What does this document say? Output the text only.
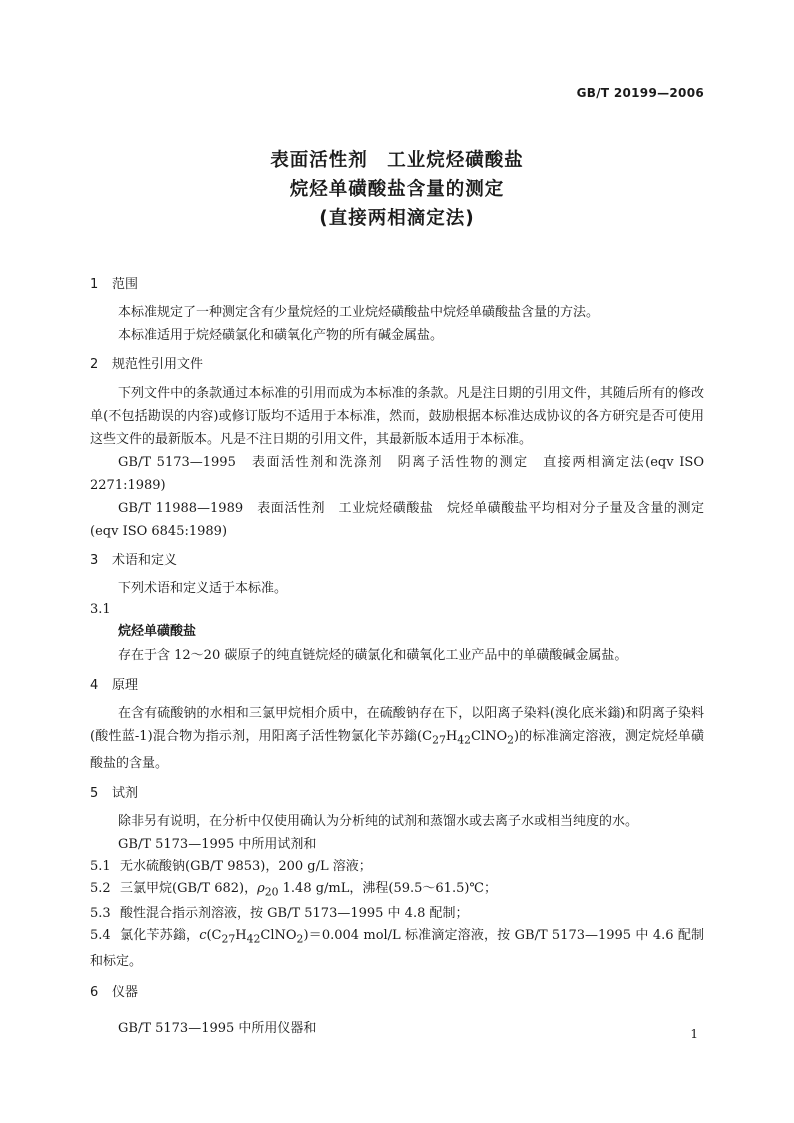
GB/T 20199—2006
表面活性剂　工业烷烃磺酸盐
烷烃单磺酸盐含量的测定
(直接两相滴定法)
1 范围

本标准规定了一种测定含有少量烷烃的工业烷烃磺酸盐中烷烃单磺酸盐含量的方法。

本标准适用于烷烃磺氯化和磺氧化产物的所有碱金属盐。

2 规范性引用文件

下列文件中的条款通过本标准的引用而成为本标准的条款。凡是注日期的引用文件，其随后所有的修改单(不包括勘误的内容)或修订版均不适用于本标准，然而，鼓励根据本标准达成协议的各方研究是否可使用这些文件的最新版本。凡是不注日期的引用文件，其最新版本适用于本标准。

GB/T 5173—1995　表面活性剂和洗涤剂　阴离子活性物的测定　直接两相滴定法(eqv ISO 2271:1989)

GB/T 11988—1989　表面活性剂　工业烷烃磺酸盐　烷烃单磺酸盐平均相对分子量及含量的测定(eqv ISO 6845:1989)

3 术语和定义

下列术语和定义适于本标准。

3.1

烷烃单磺酸盐

存在于含 12～20 碳原子的纯直链烷烃的磺氯化和磺氧化工业产品中的单磺酸碱金属盐。

4 原理

在含有硫酸钠的水相和三氯甲烷相介质中，在硫酸钠存在下，以阳离子染料(溴化底米鎓)和阴离子染料(酸性蓝-1)混合物为指示剂，用阳离子活性物氯化苄苏鎓$(C_{27}H_{42}ClNO_2)$的标准滴定溶液，测定烷烃单磺酸盐的含量。

5 试剂

除非另有说明，在分析中仅使用确认为分析纯的试剂和蒸馏水或去离子水或相当纯度的水。

GB/T 5173—1995 中所用试剂和

5.1 无水硫酸钠(GB/T 9853)，200 g/L 溶液；

5.2 三氯甲烷(GB/T 682)，$\rho_{20}$ 1.48 g/mL，沸程(59.5～61.5)℃；

5.3 酸性混合指示剂溶液，按 GB/T 5173—1995 中 4.8 配制；

5.4 氯化苄苏鎓，$c(C_{27}H_{42}ClNO_2)=0.004$ mol/L 标准滴定溶液，按 GB/T 5173—1995 中 4.6 配制和标定。

6 仪器

GB/T 5173—1995 中所用仪器和	1
